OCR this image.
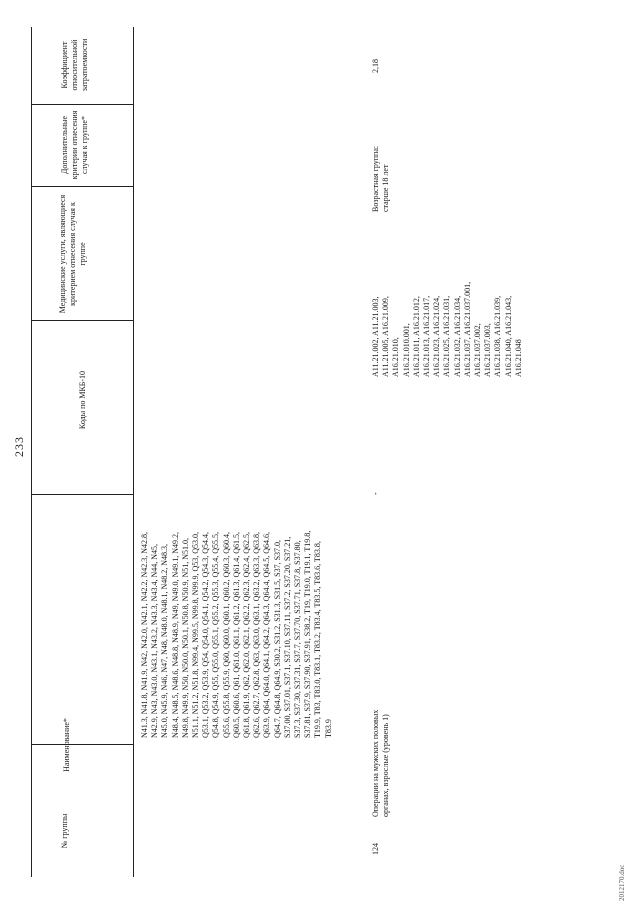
233
№ группы
Наименование*
Коды по МКБ-10
Медицинские услуги, являющиеся критерием отнесения случая к группе
Дополнительные критерии отнесения случая к группе*
Коэффициент относительной затратоемкости
N41.3, N41.8, N41.9, N42, N42.0, N42.1, N42.2, N42.3, N42.8, N42.9, N43, N43.0, N43.1, N43.2, N43.3, N43.4, N44, N45, N45.0, N45.9, N46, N47, N48, N48.0, N48.1, N48.2, N48.3, N48.4, N48.5, N48.6, N48.8, N48.9, N49, N49.0, N49.1, N49.2, N49.8, N49.9, N50, N50.0, N50.1, N50.8, N50.9, N51, N51.0, N51.1, N51.2, N51.8, N99.4, N99.5, N99.8, N99.9, Q53, Q53.0, Q53.1, Q53.2, Q53.9, Q54, Q54.0, Q54.1, Q54.2, Q54.3, Q54.4, Q54.8, Q54.9, Q55, Q55.0, Q55.1, Q55.2, Q55.3, Q55.4, Q55.5, Q55.6, Q55.8, Q55.9, Q60, Q60.0, Q60.1, Q60.2, Q60.3, Q60.4, Q60.5, Q60.6, Q61, Q61.0, Q61.1, Q61.2, Q61.3, Q61.4, Q61.5, Q61.8, Q61.9, Q62, Q62.0, Q62.1, Q62.2, Q62.3, Q62.4, Q62.5, Q62.6, Q62.7, Q62.8, Q63, Q63.0, Q63.1, Q63.2, Q63.3, Q63.8, Q63.9, Q64, Q64.0, Q64.1, Q64.2, Q64.3, Q64.4, Q64.5, Q64.6, Q64.7, Q64.8, Q64.9, S30.2, S31.2, S31.3, S31.5, S37, S37.0, S37.00, S37.01, S37.1, S37.10, S37.11, S37.2, S37.20, S37.21, S37.3, S37.30, S37.31, S37.7, S37.70, S37.71, S37.8, S37.80, S37.81, S37.9, S37.90, S37.91, S38.2, T19, T19.0, T19.1, T19.8, T19.9, T83, T83.0, T83.1, T83.2, T83.4, T83.5, T83.6, T83.8, T83.9
124
Операции на мужских половых органах, взрослые (уровень 1)
-
A11.21.002, A11.21.003, A11.21.005, A16.21.009, A16.21.010, A16.21.010.001, A16.21.011, A16.21.012, A16.21.013, A16.21.017, A16.21.023, A16.21.024, A16.21.025, A16.21.031, A16.21.032, A16.21.034, A16.21.037, A16.21.037.001, A16.21.037.002, A16.21.037.003, A16.21.038, A16.21.039, A16.21.040, A16.21.043, A16.21.048
Возрастная группа: старше 18 лет
2,18
2012170.doc
